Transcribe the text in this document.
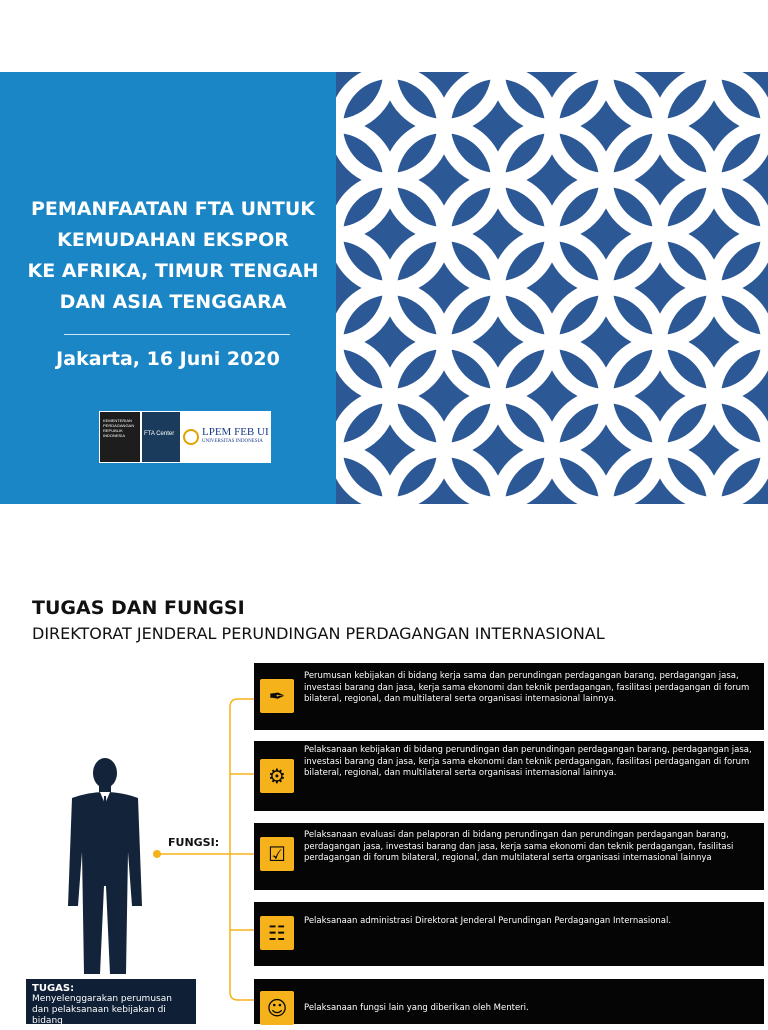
PEMANFAATAN FTA UNTUK
KEMUDAHAN EKSPOR
KE AFRIKA, TIMUR TENGAH
DAN ASIA TENGGARA
Jakarta, 16 Juni 2020
KEMENTERIAN PERDAGANGAN REPUBLIK INDONESIA	FTA Center	LPEM FEB UI
UNIVERSITAS INDONESIA
TUGAS DAN FUNGSI
DIREKTORAT JENDERAL PERUNDINGAN PERDAGANGAN INTERNASIONAL
FUNGSI:
✒
Perumusan kebijakan di bidang kerja sama dan perundingan perdagangan barang, perdagangan jasa, investasi barang dan jasa, kerja sama ekonomi dan teknik perdagangan, fasilitasi perdagangan di forum bilateral, regional, dan multilateral serta organisasi internasional lainnya.
⚙
Pelaksanaan kebijakan di bidang perundingan dan perundingan perdagangan barang, perdagangan jasa, investasi barang dan jasa, kerja sama ekonomi dan teknik perdagangan, fasilitasi perdagangan di forum bilateral, regional, dan multilateral serta organisasi internasional lainnya.
☑
Pelaksanaan evaluasi dan pelaporan di bidang perundingan dan perundingan perdagangan barang, perdagangan jasa, investasi barang dan jasa, kerja sama ekonomi dan teknik perdagangan, fasilitasi perdagangan di forum bilateral, regional, dan multilateral serta organisasi internasional lainnya
☷	Pelaksanaan administrasi Direktorat Jenderal Perundingan Perdagangan Internasional.
☺	Pelaksanaan fungsi lain yang diberikan oleh Menteri.
TUGAS:
Menyelenggarakan perumusan dan pelaksanaan kebijakan di bidang
